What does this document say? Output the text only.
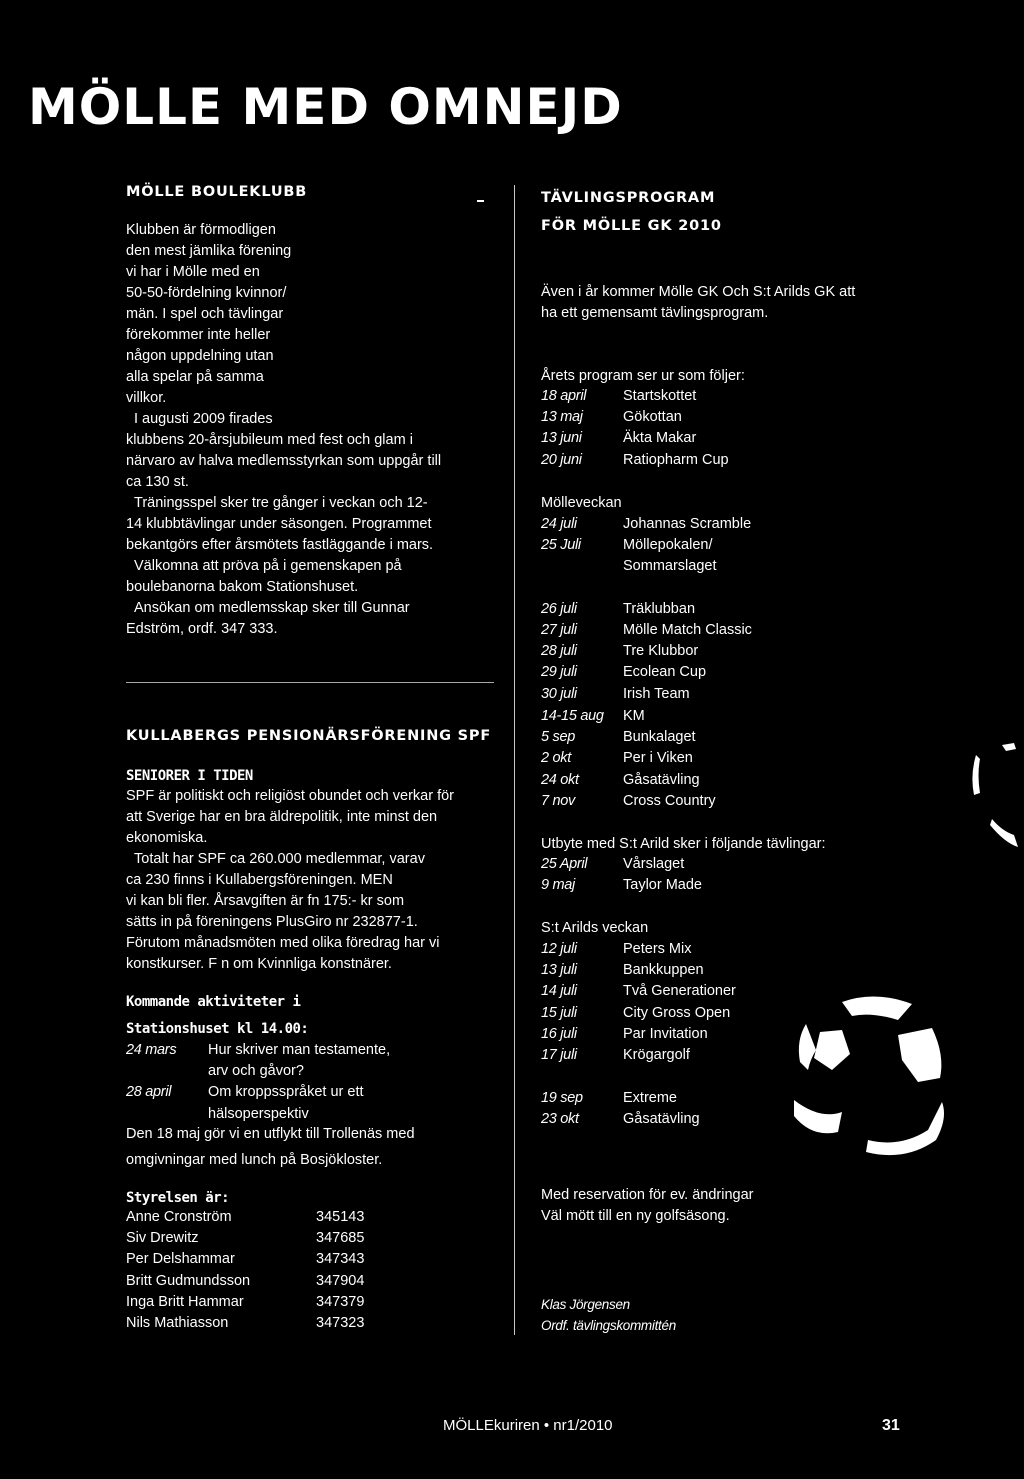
MÖLLE MED OMNEJD
MÖLLE BOULEKLUBB

Klubben är förmodligen

den mest jämlika förening

vi har i Mölle med en

50-50-fördelning kvinnor/

män. I spel och tävlingar

förekommer inte heller

någon uppdelning utan

alla spelar på samma

villkor.

I augusti 2009 firades

klubbens 20-årsjubileum med fest och glam i

närvaro av halva medlemsstyrkan som uppgår till

ca 130 st.

Träningsspel sker tre gånger i veckan och 12-

14 klubbtävlingar under säsongen. Programmet

bekantgörs efter årsmötets fastläggande i mars.

Välkomna att pröva på i gemenskapen på

boulebanorna bakom Stationshuset.

Ansökan om medlemsskap sker till Gunnar

Edström, ordf. 347 333.

KULLABERGS PENSIONÄRSFÖRENING SPF
SENIORER I TIDEN

SPF är politiskt och religiöst obundet och verkar för

att Sverige har en bra äldrepolitik, inte minst den

ekonomiska.

Totalt har SPF ca 260.000 medlemmar, varav

ca 230 finns i Kullabergsföreningen. MEN

vi kan bli fler. Årsavgiften är fn 175:- kr som

sätts in på föreningens PlusGiro nr 232877-1.

Förutom månadsmöten med olika föredrag har vi

konstkurser. F n om Kvinnliga konstnärer.

Kommande aktiviteter i
Stationshuset kl 14.00:
24 mars	Hur skriver man testamente,

arv och gåvor?
28 april	Om kroppsspråket ur ett

hälsoperspektiv

Den 18 maj gör vi en utflykt till Trollenäs med

omgivningar med lunch på Bosjökloster.

Styrelsen är:
Anne Cronström	345143
Siv Drewitz	347685
Per Delshammar	347343
Britt Gudmundsson	347904
Inga Britt Hammar	347379
Nils Mathiasson	347323
TÄVLINGSPROGRAM
FÖR MÖLLE GK 2010

Även i år kommer Mölle GK Och S:t Arilds GK att

ha ett gemensamt tävlingsprogram.

Årets program ser ur som följer:
18 april	Startskottet
13 maj	Gökottan
13 juni	Äkta Makar
20 juni	Ratiopharm Cup
Mölleveckan
24 juli	Johannas Scramble
25 Juli	Möllepokalen/

Sommarslaget

26 juli	Träklubban
27 juli	Mölle Match Classic
28 juli	Tre Klubbor
29 juli	Ecolean Cup
30 juli	Irish Team
14-15 aug	KM
5 sep	Bunkalaget
2 okt	Per i Viken
24 okt	Gåsatävling
7 nov	Cross Country
Utbyte med S:t Arild sker i följande tävlingar:
25 April	Vårslaget
9 maj	Taylor Made
S:t Arilds veckan
12 juli	Peters Mix
13 juli	Bankkuppen
14 juli	Två Generationer
15 juli	City Gross Open
16 juli	Par Invitation
17 juli	Krögargolf
19 sep	Extreme
23 okt	Gåsatävling

Med reservation för ev. ändringar

Väl mött till en ny golfsäsong.

Klas Jörgensen
Ordf. tävlingskommittén
MÖLLEkuriren • nr1/2010	31
